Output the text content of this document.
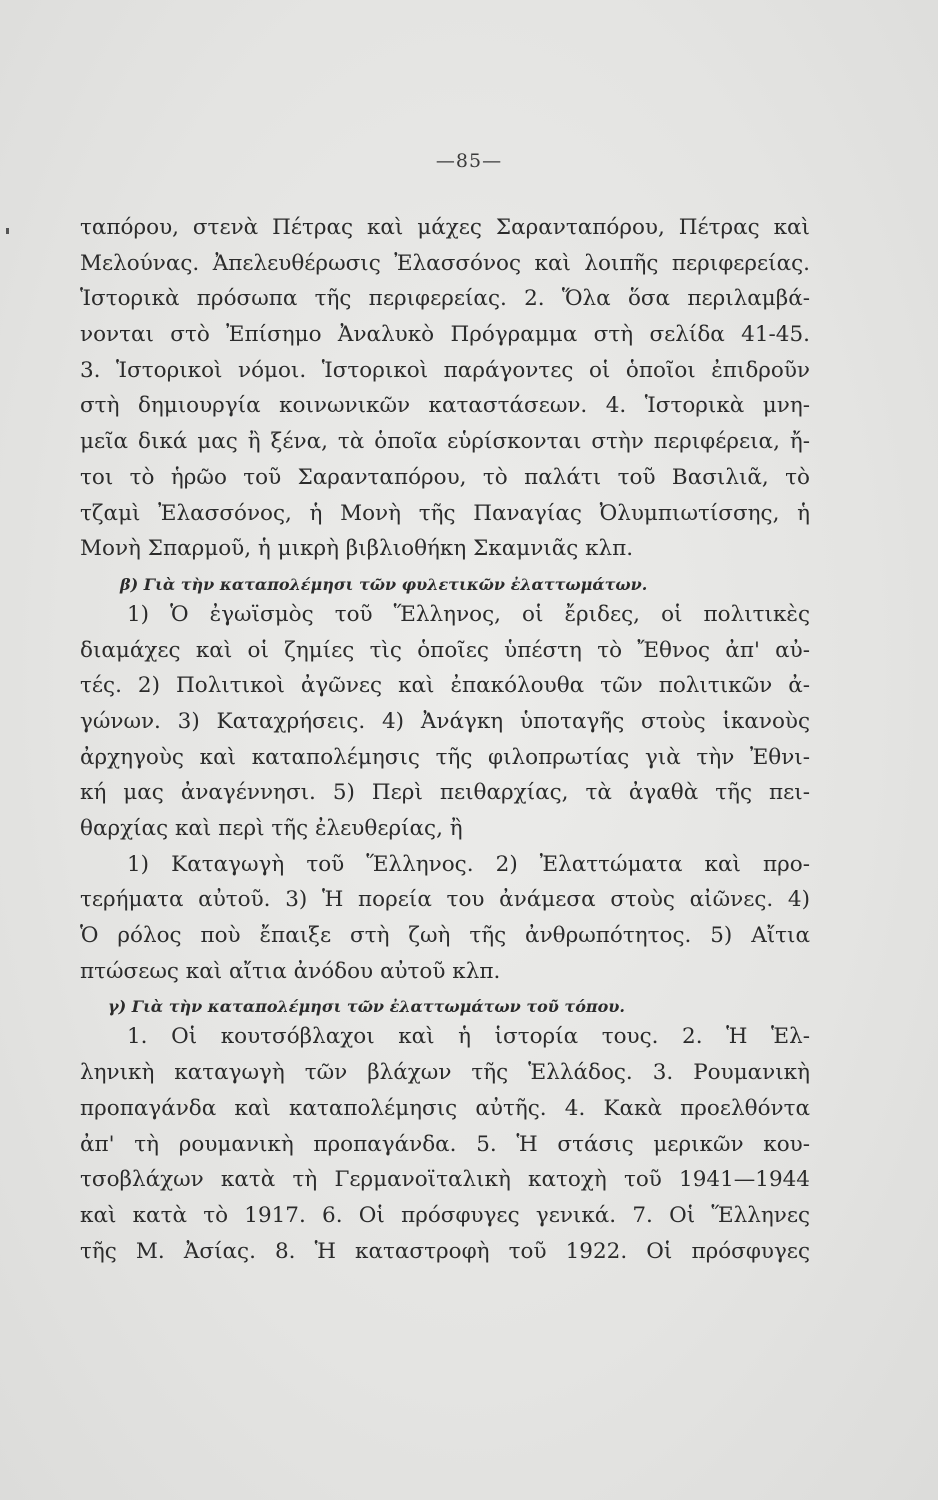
—85—
ταπόρου, στενὰ Πέτρας καὶ μάχες Σαρανταπόρου, Πέτρας καὶ
Μελούνας. Ἀπελευθέρωσις Ἐλασσόνος καὶ λοιπῆς περιφερείας.
Ἱστορικὰ πρόσωπα τῆς περιφερείας. 2. Ὅλα ὅσα περιλαμβά-
νονται στὸ Ἐπίσημο Ἀναλυκὸ Πρόγραμμα στὴ σελίδα 41-45.
3. Ἱστορικοὶ νόμοι. Ἱστορικοὶ παράγοντες οἱ ὁποῖοι ἐπιδροῦν
στὴ δημιουργία κοινωνικῶν καταστάσεων. 4. Ἱστορικὰ μνη-
μεῖα δικά μας ἢ ξένα, τὰ ὁποῖα εὑρίσκονται στὴν περιφέρεια, ἤ-
τοι τὸ ἡρῶο τοῦ Σαρανταπόρου, τὸ παλάτι τοῦ Βασιλιᾶ, τὸ
τζαμὶ Ἐλασσόνος, ἡ Μονὴ τῆς Παναγίας Ὀλυμπιωτίσσης, ἡ
Μονὴ Σπαρμοῦ, ἡ μικρὴ βιβλιοθήκη Σκαμνιᾶς κλπ.
β) Γιὰ τὴν καταπολέμησι τῶν φυλετικῶν ἐλαττωμάτων.
1) Ὁ ἐγωϊσμὸς τοῦ Ἕλληνος, οἱ ἔριδες, οἱ πολιτικὲς
διαμάχες καὶ οἱ ζημίες τὶς ὁποῖες ὑπέστη τὸ Ἔθνος ἀπ' αὐ-
τές. 2) Πολιτικοὶ ἀγῶνες καὶ ἐπακόλουθα τῶν πολιτικῶν ἀ-
γώνων. 3) Καταχρήσεις. 4) Ἀνάγκη ὑποταγῆς στοὺς ἱκανοὺς
ἀρχηγοὺς καὶ καταπολέμησις τῆς φιλοπρωτίας γιὰ τὴν Ἐθνι-
κή μας ἀναγέννησι. 5) Περὶ πειθαρχίας, τὰ ἀγαθὰ τῆς πει-
θαρχίας καὶ περὶ τῆς ἐλευθερίας, ἢ
1) Καταγωγὴ τοῦ Ἕλληνος. 2) Ἐλαττώματα καὶ προ-
τερήματα αὐτοῦ. 3) Ἡ πορεία του ἀνάμεσα στοὺς αἰῶνες. 4)
Ὁ ρόλος ποὺ ἔπαιξε στὴ ζωὴ τῆς ἀνθρωπότητος. 5) Αἴτια
πτώσεως καὶ αἴτια ἀνόδου αὐτοῦ κλπ.
γ) Γιὰ τὴν καταπολέμησι τῶν ἐλαττωμάτων τοῦ τόπου.
1. Οἱ κουτσόβλαχοι καὶ ἡ ἱστορία τους. 2. Ἡ Ἑλ-
ληνικὴ καταγωγὴ τῶν βλάχων τῆς Ἑλλάδος. 3. Ρουμανικὴ
προπαγάνδα καὶ καταπολέμησις αὐτῆς. 4. Κακὰ προελθόντα
ἀπ' τὴ ρουμανικὴ προπαγάνδα. 5. Ἡ στάσις μερικῶν κου-
τσοβλάχων κατὰ τὴ Γερμανοϊταλικὴ κατοχὴ τοῦ 1941—1944
καὶ κατὰ τὸ 1917. 6. Οἱ πρόσφυγες γενικά. 7. Οἱ Ἕλληνες
τῆς Μ. Ἀσίας. 8. Ἡ καταστροφὴ τοῦ 1922. Οἱ πρόσφυγες
